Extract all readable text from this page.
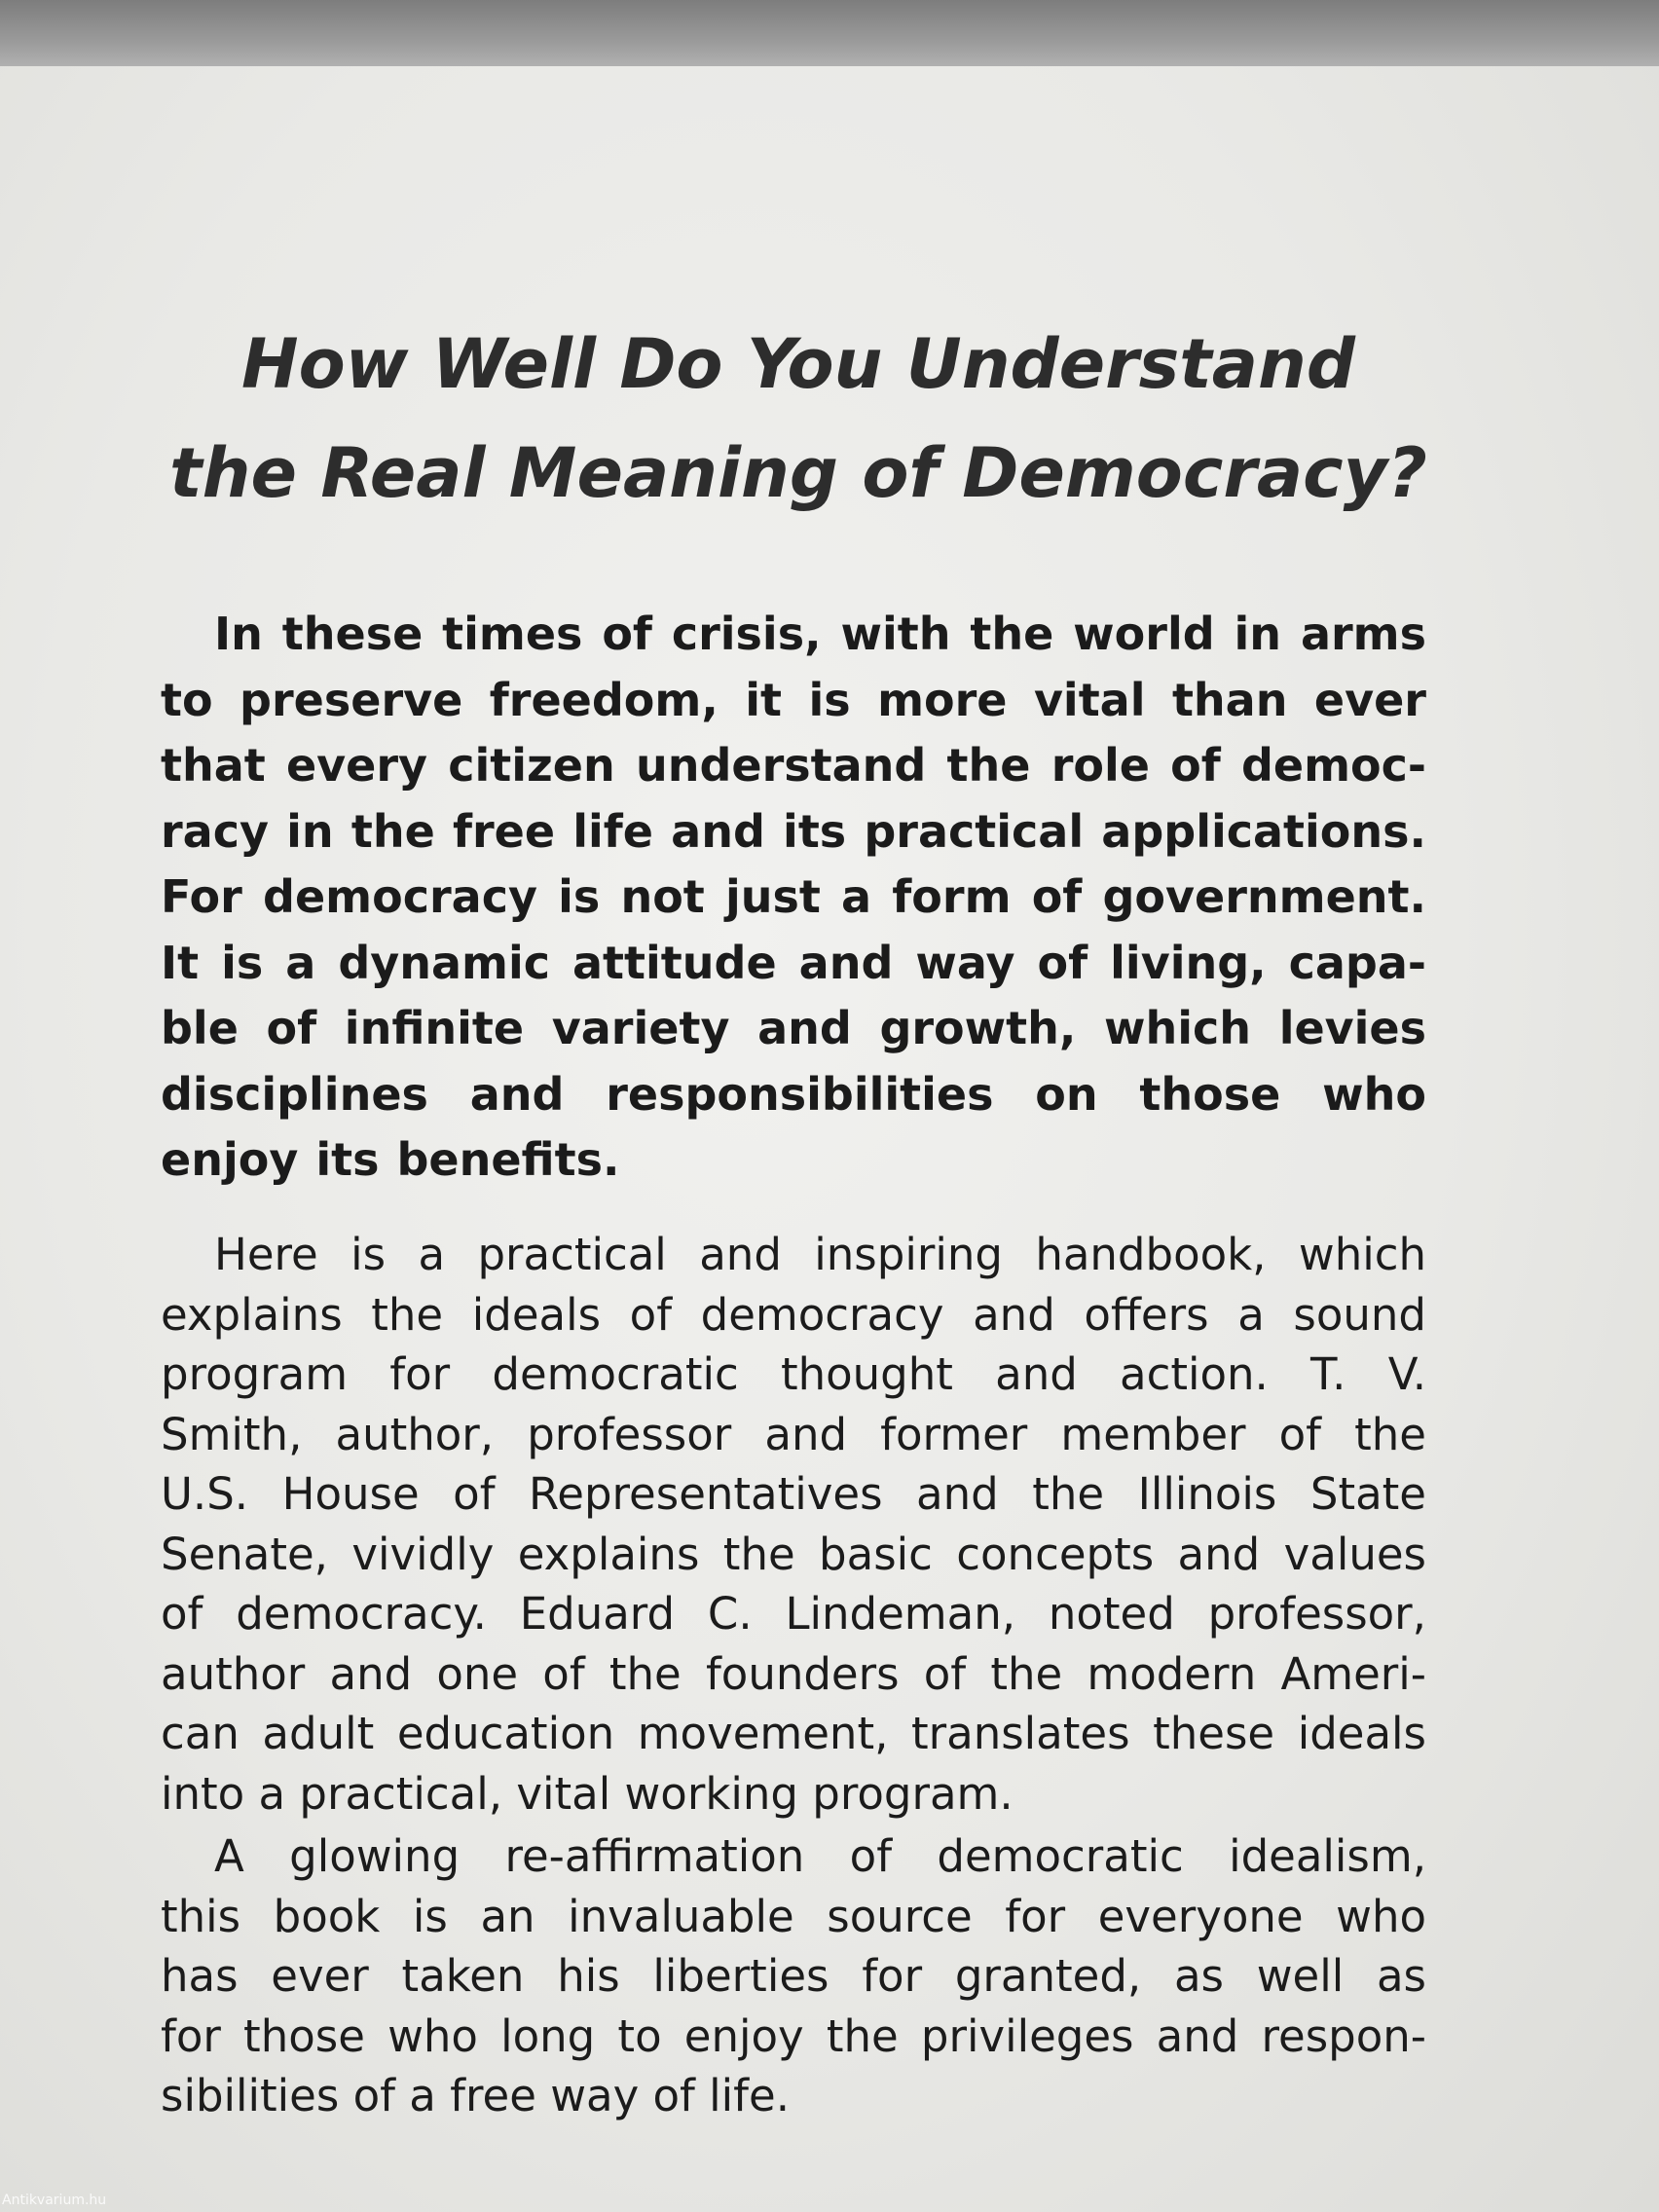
How Well Do You Understand
the Real Meaning of Democracy?
In these times of crisis, with the world in arms
to preserve freedom, it is more vital than ever
that every citizen understand the role of democ-
racy in the free life and its practical applications.
For democracy is not just a form of government.
It is a dynamic attitude and way of living, capa-
ble of infinite variety and growth, which levies
disciplines and responsibilities on those who
enjoy its benefits.
Here is a practical and inspiring handbook, which
explains the ideals of democracy and offers a sound
program for democratic thought and action. T. V.
Smith, author, professor and former member of the
U.S. House of Representatives and the Illinois State
Senate, vividly explains the basic concepts and values
of democracy. Eduard C. Lindeman, noted professor,
author and one of the founders of the modern Ameri-
can adult education movement, translates these ideals
into a practical, vital working program.
A glowing re-affirmation of democratic idealism,
this book is an invaluable source for everyone who
has ever taken his liberties for granted, as well as
for those who long to enjoy the privileges and respon-
sibilities of a free way of life.
Antikvarium.hu
